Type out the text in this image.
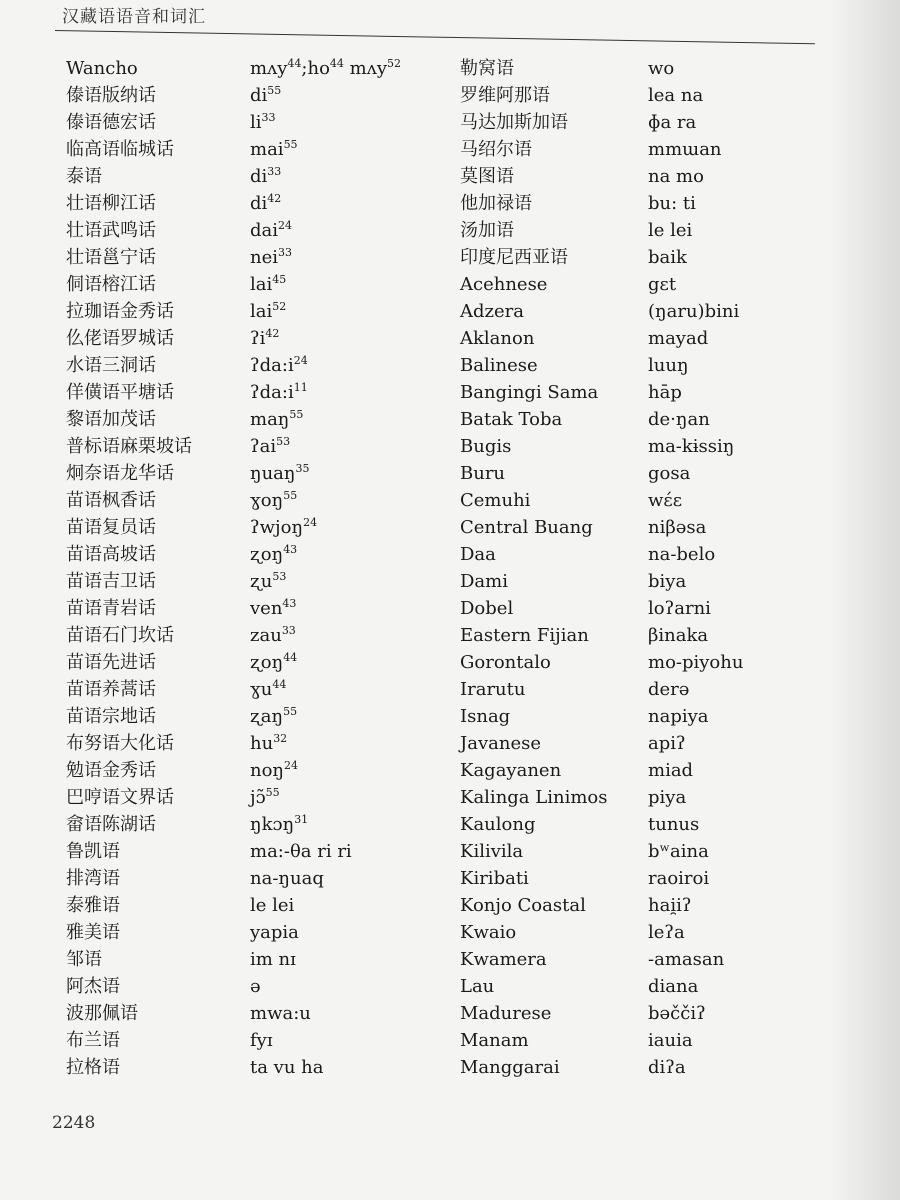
汉藏语语音和词汇
Wancho
傣语版纳话
傣语德宏话
临高语临城话
泰语
壮语柳江话
壮语武鸣话
壮语邕宁话
侗语榕江话
拉珈语金秀话
仫佬语罗城话
水语三洞话
佯僙语平塘话
黎语加茂话
普标语麻栗坡话
炯奈语龙华话
苗语枫香话
苗语复员话
苗语高坡话
苗语吉卫话
苗语青岩话
苗语石门坎话
苗语先进话
苗语养蒿话
苗语宗地话
布努语大化话
勉语金秀话
巴哼语文界话
畲语陈湖话
鲁凯语
排湾语
泰雅语
雅美语
邹语
阿杰语
波那佩语
布兰语
拉格语
$mʌy^{44};ho^{44}$ mʌy$^{52}$
$di^{55}$
$li^{33}$
mai$^{55}$
$di^{33}$
$di^{42}$
dai$^{24}$
nei$^{33}$
lai$^{45}$
lai$^{52}$
ʔi$^{42}$
$ʔda:i^{24}$
$ʔda:i^{11}$
maŋ$^{55}$
ʔai$^{53}$
ŋuaŋ$^{35}$
ɣoŋ$^{55}$
ʔwjoŋ$^{24}$
ʐoŋ$^{43}$
ʐu$^{53}$
ven$^{43}$
zau$^{33}$
ʐoŋ$^{44}$
ɣu$^{44}$
ʐaŋ$^{55}$
$hu^{32}$
noŋ$^{24}$
jɔ̃$^{55}$
ŋkɔŋ$^{31}$
ma:-θa ri ri
na-ŋuaq
le lei
yapia
im nɪ
ə
mwa:u
fyɪ
ta vu ha
勒窝语
罗维阿那语
马达加斯加语
马绍尔语
莫图语
他加禄语
汤加语
印度尼西亚语
Acehnese
Adzera
Aklanon
Balinese
Bangingi Sama
Batak Toba
Bugis
Buru
Cemuhi
Central Buang
Daa
Dami
Dobel
Eastern Fijian
Gorontalo
Irarutu
Isnag
Javanese
Kagayanen
Kalinga Linimos
Kaulong
Kilivila
Kiribati
Konjo Coastal
Kwaio
Kwamera
Lau
Madurese
Manam
Manggarai
wo
lea na
ɸa ra
mmɯan
na mo
bu: ti
le lei
baik
gɛt
(ŋaru)bini
mayad
luuŋ
hāp
de·ŋan
ma-kɨssiŋ
gosa
wɛ́ɛ
niβəsa
na-belo
biya
loʔarni
βinaka
mo-piyohu
derə
napiya
apiʔ
miad
piya
tunus
bʷaina
raoiroi
hai̯iʔ
leʔa
-amasan
diana
bəččiʔ
iauia
diʔa
2248
